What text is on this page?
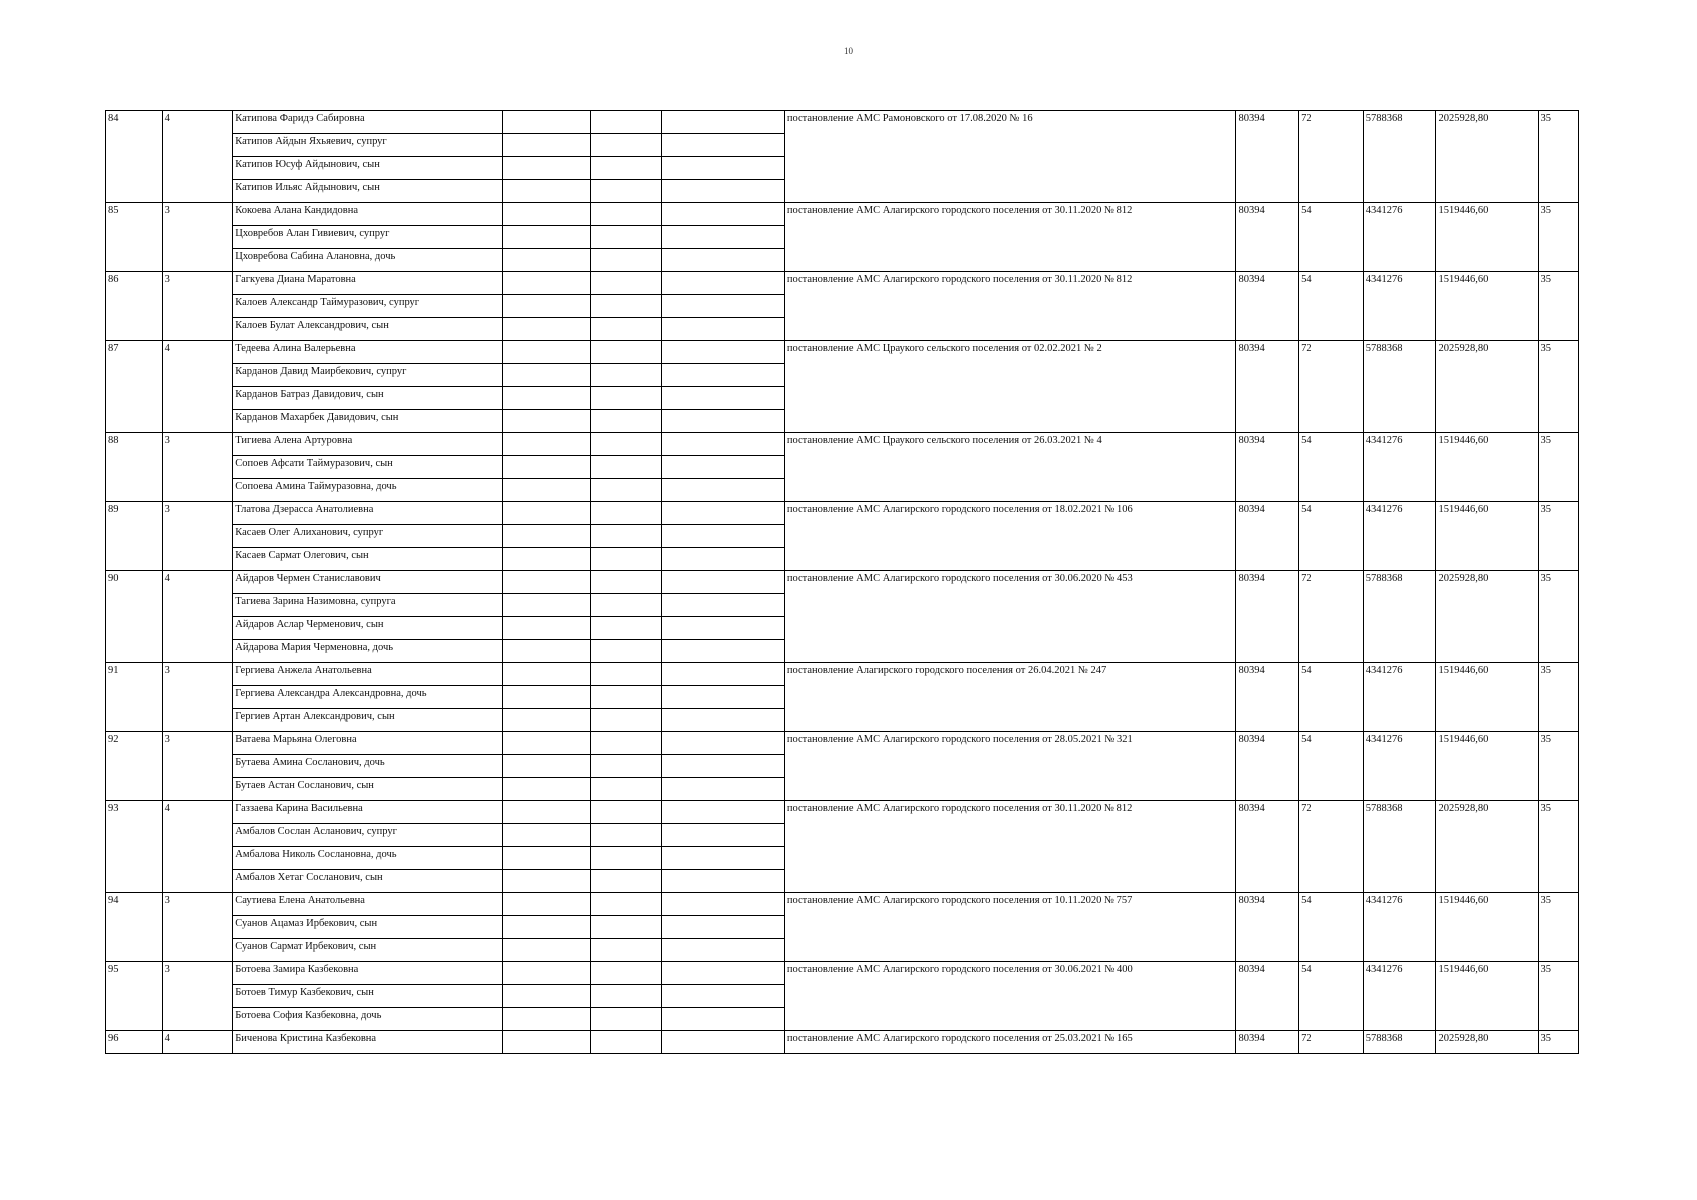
10
84	4	Катипова Фаридэ Сабировна				постановление АМС Рамоновского от 17.08.2020 № 16	80394	72	5788368	2025928,80	35
		Катипов Айдын Яхьяевич, супруг									
		Катипов Юсуф Айдынович, сын									
		Катипов Ильяс Айдынович, сын									
85	3	Кокоева Алана Кандидовна				постановление АМС Алагирского городского поселения от 30.11.2020 № 812	80394	54	4341276	1519446,60	35
		Цховребов Алан Гивиевич, супруг									
		Цховребова Сабина Алановна, дочь									
86	3	Гагкуева Диана Маратовна				постановление АМС Алагирского городского поселения от 30.11.2020 № 812	80394	54	4341276	1519446,60	35
		Калоев Александр Таймуразович, супруг									
		Калоев Булат Александрович, сын									
87	4	Тедеева Алина Валерьевна				постановление АМС Цраукого сельского поселения от 02.02.2021 № 2	80394	72	5788368	2025928,80	35
		Карданов Давид Маирбекович, супруг									
		Карданов Батраз Давидович, сын									
		Карданов Махарбек Давидович, сын									
88	3	Тигиева Алена Артуровна				постановление АМС Цраукого сельского поселения от 26.03.2021 № 4	80394	54	4341276	1519446,60	35
		Сопоев Афсати Таймуразович, сын									
		Сопоева Амина Таймуразовна, дочь									
89	3	Тлатова Дзерасса Анатолиевна				постановление АМС Алагирского городского поселения от 18.02.2021 № 106	80394	54	4341276	1519446,60	35
		Касаев Олег Алиханович, супруг									
		Касаев Сармат Олегович, сын									
90	4	Айдаров Чермен Станиславович				постановление АМС Алагирского городского поселения от 30.06.2020 № 453	80394	72	5788368	2025928,80	35
		Тагиева Зарина Назимовна, супруга									
		Айдаров Аслар Черменович, сын									
		Айдарова Мария Черменовна, дочь									
91	3	Гергиева Анжела Анатольевна				постановление Алагирского городского поселения от 26.04.2021 № 247	80394	54	4341276	1519446,60	35
		Гергиева Александра Александровна, дочь									
		Гергиев Артан Александрович, сын									
92	3	Ватаева Марьяна Олеговна				постановление АМС Алагирского городского поселения от 28.05.2021 № 321	80394	54	4341276	1519446,60	35
		Бутаева Амина Сосланович, дочь									
		Бутаев Астан Сосланович, сын									
93	4	Газзаева Карина Васильевна				постановление АМС Алагирского городского поселения от 30.11.2020 № 812	80394	72	5788368	2025928,80	35
		Амбалов Сослан Асланович, супруг									
		Амбалова Николь Сослановна, дочь									
		Амбалов Хетаг Сосланович, сын									
94	3	Саутиева Елена Анатольевна				постановление АМС Алагирского городского поселения от 10.11.2020 № 757	80394	54	4341276	1519446,60	35
		Суанов Ацамаз Ирбекович, сын									
		Суанов Сармат Ирбекович, сын									
95	3	Ботоева Замира Казбековна				постановление АМС Алагирского городского поселения от 30.06.2021 № 400	80394	54	4341276	1519446,60	35
		Ботоев Тимур Казбекович, сын									
		Ботоева София Казбековна, дочь									
96	4	Биченова Кристина Казбековна				постановление АМС Алагирского городского поселения от 25.03.2021 № 165	80394	72	5788368	2025928,80	35
